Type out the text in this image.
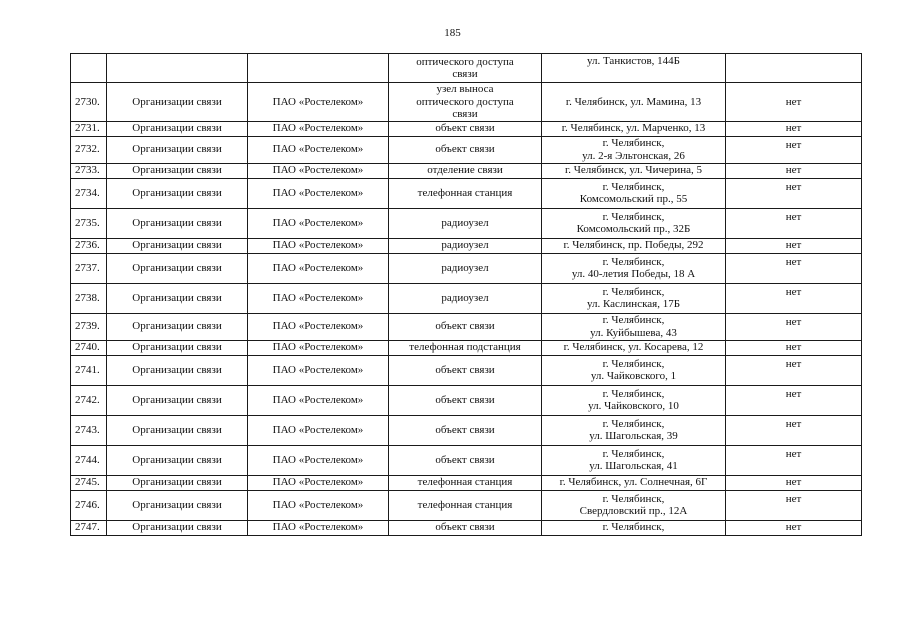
185

			оптического доступа
связи	ул. Танкистов, 144Б	

2730.	Организации связи	ПАО «Ростелеком»	узел выноса
оптического доступа
связи	г. Челябинск, ул. Мамина, 13	нет
2731.	Организации связи	ПАО «Ростелеком»	объект связи	г. Челябинск, ул. Марченко, 13	нет
2732.	Организации связи	ПАО «Ростелеком»	объект связи	г. Челябинск,
ул. 2-я Эльтонская, 26	нет
2733.	Организации связи	ПАО «Ростелеком»	отделение связи	г. Челябинск, ул. Чичерина, 5	нет
2734.	Организации связи	ПАО «Ростелеком»	телефонная станция	г. Челябинск,
Комсомольский пр., 55	нет
2735.	Организации связи	ПАО «Ростелеком»	радиоузел	г. Челябинск,
Комсомольский пр., 32Б	нет
2736.	Организации связи	ПАО «Ростелеком»	радиоузел	г. Челябинск, пр. Победы, 292	нет
2737.	Организации связи	ПАО «Ростелеком»	радиоузел	г. Челябинск,
ул. 40-летия Победы, 18 А	нет
2738.	Организации связи	ПАО «Ростелеком»	радиоузел	г. Челябинск,
ул. Каслинская, 17Б	нет
2739.	Организации связи	ПАО «Ростелеком»	объект связи	г. Челябинск,
ул. Куйбышева, 43	нет
2740.	Организации связи	ПАО «Ростелеком»	телефонная подстанция	г. Челябинск, ул. Косарева, 12	нет
2741.	Организации связи	ПАО «Ростелеком»	объект связи	г. Челябинск,
ул. Чайковского, 1	нет
2742.	Организации связи	ПАО «Ростелеком»	объект связи	г. Челябинск,
ул. Чайковского, 10	нет
2743.	Организации связи	ПАО «Ростелеком»	объект связи	г. Челябинск,
ул. Шагольская, 39	нет
2744.	Организации связи	ПАО «Ростелеком»	объект связи	г. Челябинск,
ул. Шагольская, 41	нет
2745.	Организации связи	ПАО «Ростелеком»	телефонная станция	г. Челябинск, ул. Солнечная, 6Г	нет
2746.	Организации связи	ПАО «Ростелеком»	телефонная станция	г. Челябинск,
Свердловский пр., 12А	нет
2747.	Организации связи	ПАО «Ростелеком»	объект связи	г. Челябинск,	нет
